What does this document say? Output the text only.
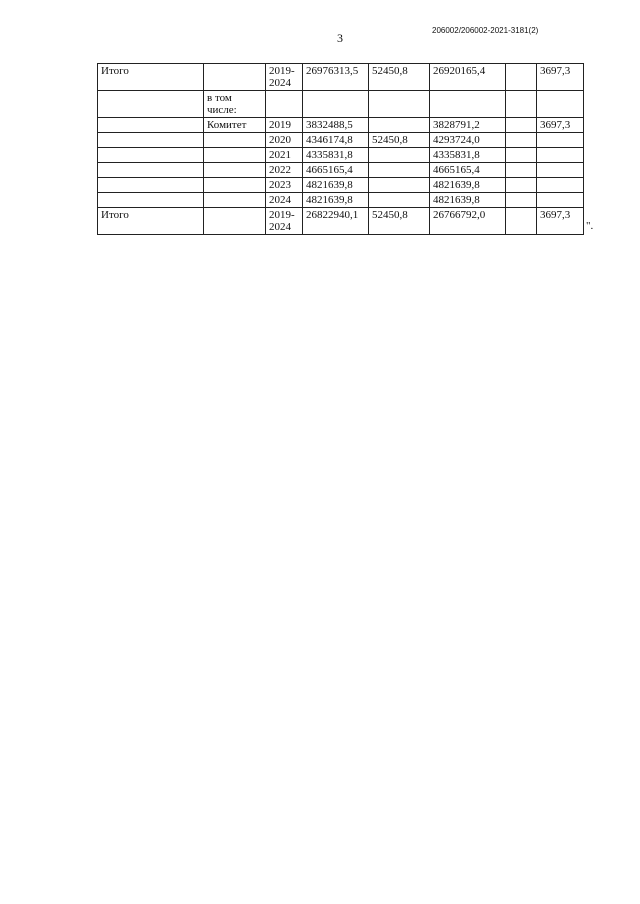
3
206002/206002-2021-3181(2)
Итого		2019-
2024	26976313,5	52450,8	26920165,4		3697,3
	в том
числе:						
	Комитет	2019	3832488,5		3828791,2		3697,3
		2020	4346174,8	52450,8	4293724,0		
		2021	4335831,8		4335831,8		
		2022	4665165,4		4665165,4		
		2023	4821639,8		4821639,8		
		2024	4821639,8		4821639,8		
Итого		2019-
2024	26822940,1	52450,8	26766792,0		3697,3
".
